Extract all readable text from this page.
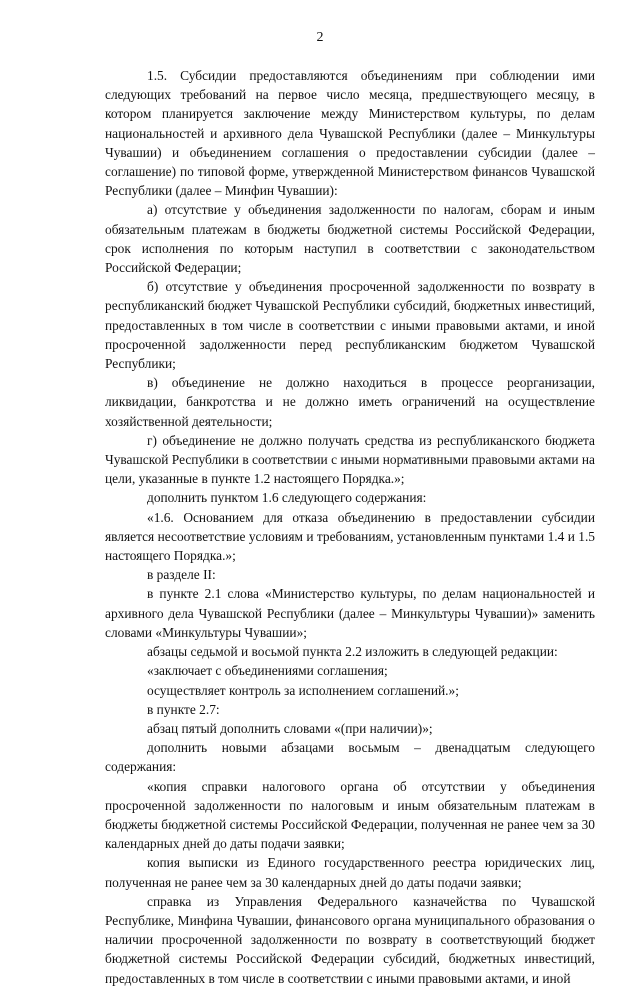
2

1.5. Субсидии предоставляются объединениям при соблюдении ими следующих требований на первое число месяца, предшествующего месяцу, в котором планируется заключение между Министерством культуры, по делам национальностей и архивного дела Чувашской Республики (далее – Минкультуры Чувашии) и объединением соглашения о предоставлении субсидии (далее – соглашение) по типовой форме, утвержденной Министерством финансов Чувашской Республики (далее – Минфин Чувашии):

а) отсутствие у объединения задолженности по налогам, сборам и иным обязательным платежам в бюджеты бюджетной системы Российской Федерации, срок исполнения по которым наступил в соответствии с законодательством Российской Федерации;

б) отсутствие у объединения просроченной задолженности по возврату в республиканский бюджет Чувашской Республики субсидий, бюджетных инвестиций, предоставленных в том числе в соответствии с иными правовыми актами, и иной просроченной задолженности перед республиканским бюджетом Чувашской Республики;

в) объединение не должно находиться в процессе реорганизации, ликвидации, банкротства и не должно иметь ограничений на осуществление хозяйственной деятельности;

г) объединение не должно получать средства из республиканского бюджета Чувашской Республики в соответствии с иными нормативными правовыми актами на цели, указанные в пункте 1.2 настоящего Порядка.»;

дополнить пунктом 1.6 следующего содержания:

«1.6. Основанием для отказа объединению в предоставлении субсидии является несоответствие условиям и требованиям, установленным пунктами 1.4 и 1.5 настоящего Порядка.»;

в разделе II:

в пункте 2.1 слова «Министерство культуры, по делам национальностей и архивного дела Чувашской Республики (далее – Минкультуры Чувашии)» заменить словами «Минкультуры Чувашии»;

абзацы седьмой и восьмой пункта 2.2 изложить в следующей редакции:

«заключает с объединениями соглашения;

осуществляет контроль за исполнением соглашений.»;

в пункте 2.7:

абзац пятый дополнить словами «(при наличии)»;

дополнить новыми абзацами восьмым – двенадцатым следующего содержания:

«копия справки налогового органа об отсутствии у объединения просроченной задолженности по налоговым и иным обязательным платежам в бюджеты бюджетной системы Российской Федерации, полученная не ранее чем за 30 календарных дней до даты подачи заявки;

копия выписки из Единого государственного реестра юридических лиц, полученная не ранее чем за 30 календарных дней до даты подачи заявки;

справка из Управления Федерального казначейства по Чувашской Республике, Минфина Чувашии, финансового органа муниципального образования о наличии просроченной задолженности по возврату в соответствующий бюджет бюджетной системы Российской Федерации субсидий, бюджетных инвестиций, предоставленных в том числе в соответствии с иными правовыми актами, и иной
